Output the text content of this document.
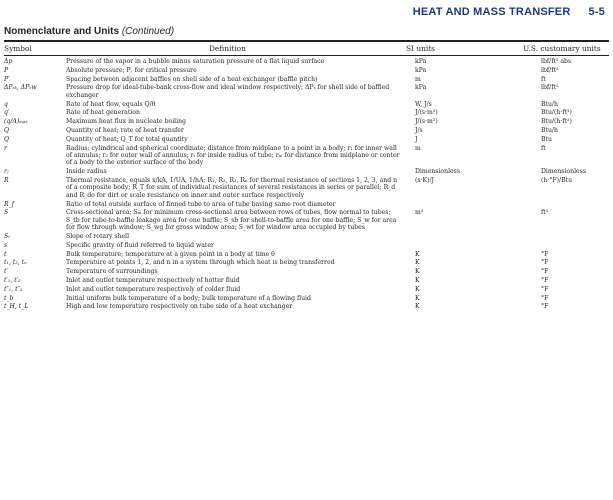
HEAT AND MASS TRANSFER 5-5
Nomenclature and Units (Continued)
Symbol	Definition	SI units	U.S. customary units
Δp	Pressure of the vapor in a bubble minus saturation pressure of a flat liquid surface	kPa	lbf/ft² abs
P	Absolute pressure; P꜀ for critical pressure	kPa	lbf/ft²
P′	Spacing between adjacent baffles on shell side of a heat exchanger (baffle pitch)	m	ft
ΔPₛₖ, ΔPₛw	Pressure drop for ideal-tube-bank cross-flow and ideal window respectively; ΔPₛ for shell side of baffled exchanger	kPa	lbf/ft²
q	Rate of heat flow, equals Q/θ	W, J/s	Btu/h
q′	Rate of heat generation	J/(s·m³)	Btu/(h·ft³)
(q/A)ₘₐₓ	Maximum heat flux in nucleate boiling	J/(s·m²)	Btu/(h·ft²)
Q	Quantity of heat; rate of heat transfer	J/s	Btu/h
Q	Quantity of heat; Q_T for total quantity	J	Btu
r	Radius; cylindrical and spherical coordinate; distance from midplane to a point in a body; r₁ for inner wall of annulus; r₂ for outer wall of annulus; rᵢ for inside radius of tube; rₘ for distance from midplane or center of a body to the exterior surface of the body	m	ft
rⱼ	Inside radius	Dimensionless	Dimensionless
R	Thermal resistance, equals x/kA, 1/UA, 1/hA; R₁, R₂, R₃, Rₙ for thermal resistance of sections 1, 2, 3, and n of a composite body; R_T for sum of individual resistances of several resistances in series or parallel; R_d and R_do for dirt or scale resistance on inner and outer surface respectively	(s·K)/J	(h·°F)/Btu
R_f	Ratio of total outside surface of finned tube to area of tube having same root diameter		
S	Cross-sectional area; Sₘ for minimum cross-sectional area between rows of tubes, flow normal to tubes; S_tb for tube-to-baffle leakage area for one baffle; S_sb for shell-to-baffle area for one baffle; S_w for area for flow through window; S_wg for gross window area; S_wt for window area occupied by tubes	m²	ft²
Sᵣ	Slope of rotary shell		
s	Specific gravity of fluid referred to liquid water		
t	Bulk temperature; temperature at a given point in a body at time θ	K	°F
t₁, t₂, tₙ	Temperature at points 1, 2, and n in a system through which heat is being transferred	K	°F
t′	Temperature of surroundings	K	°F
t′₁, t′₂	Inlet and outlet temperature respectively of hotter fluid	K	°F
t″₁, t″₂	Inlet and outlet temperature respectively of colder fluid	K	°F
t_b	Initial uniform bulk temperature of a body; bulk temperature of a flowing fluid	K	°F
t_H, t_L	High and low temperature respectively on tube side of a heat exchanger	K	°F
